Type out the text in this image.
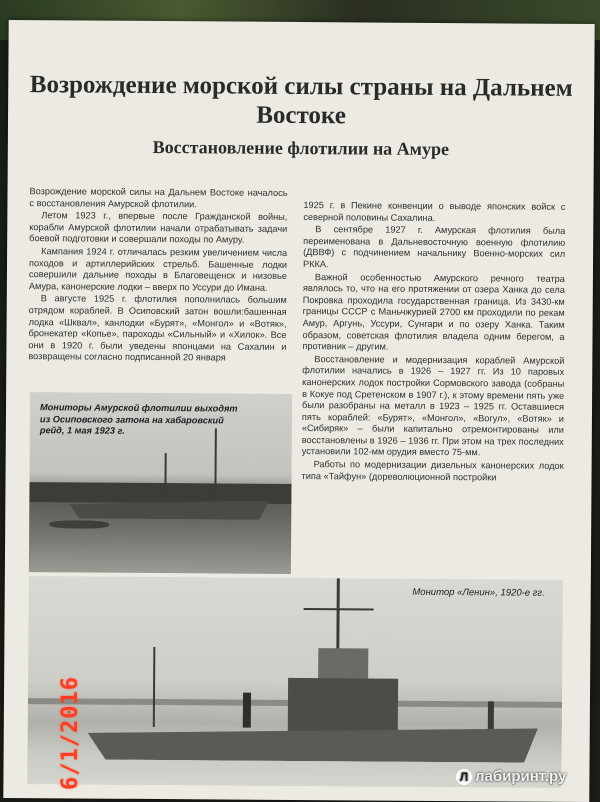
Возрождение морской силы страны на Дальнем Востоке
Восстановление флотилии на Амуре

Возрождение морской силы на Дальнем Востоке началось с восстановления Амурской флотилии.

Летом 1923 г., впервые после Гражданской войны, корабли Амурской флотилии начали отрабатывать задачи боевой подготовки и совершали походы по Амуру.

Кампания 1924 г. отличалась резким увеличением числа походов и артиллерийских стрельб. Башенные лодки совершили дальние походы в Благовещенск и низовье Амура, канонерские лодки – вверх по Уссури до Имана.

В августе 1925 г. флотилия пополнилась большим отрядом кораблей. В Осиповский затон вошли:башенная лодка «Шквал», канлодки «Бурят», «Монгол» и «Вотяк», бронекатер «Копье», пароходы «Сильный» и «Хилок». Все они в 1920 г. были уведены японцами на Сахалин и возвращены согласно подписанной 20 января

1925 г. в Пекине конвенции о выводе японских войск с северной половины Сахалина.

В сентябре 1927 г. Амурская флотилия была переименована в Дальневосточную военную флотилию (ДВВФ) с подчинением начальнику Военно-морских сил РККА.

Важной особенностью Амурского речного театра являлось то, что на его протяжении от озера Ханка до села Покровка проходила государственная граница. Из 3430-км границы СССР с Маньчжурией 2700 км проходили по рекам Амур, Аргунь, Уссури, Сунгари и по озеру Ханка. Таким образом, советская флотилия владела одним берегом, а противник – другим.

Восстановление и модернизация кораблей Амурской флотилии начались в 1926 – 1927 гг. Из 10 паровых канонерских лодок постройки Сормовского завода (собраны в Кокуе под Сретенском в 1907 г.), к этому времени пять уже были разобраны на металл в 1923 – 1925 гг. Оставшиеся пять кораблей: «Бурят», «Монгол», «Вогул», «Вотяк» и «Сибиряк» – были капитально отремонтированы или восстановлены в 1926 – 1936 гг. При этом на трех последних установили 102-мм орудия вместо 75-мм.

Работы по модернизации дизельных канонерских лодок типа «Тайфун» (дореволюционной постройки

Мониторы Амурской флотилии выходят из Осиповского затона на хабаровский рейд, 1 мая 1923 г.
Монитор «Ленин», 1920-е гг.
6/1/2016	Л лабиринт.ру
